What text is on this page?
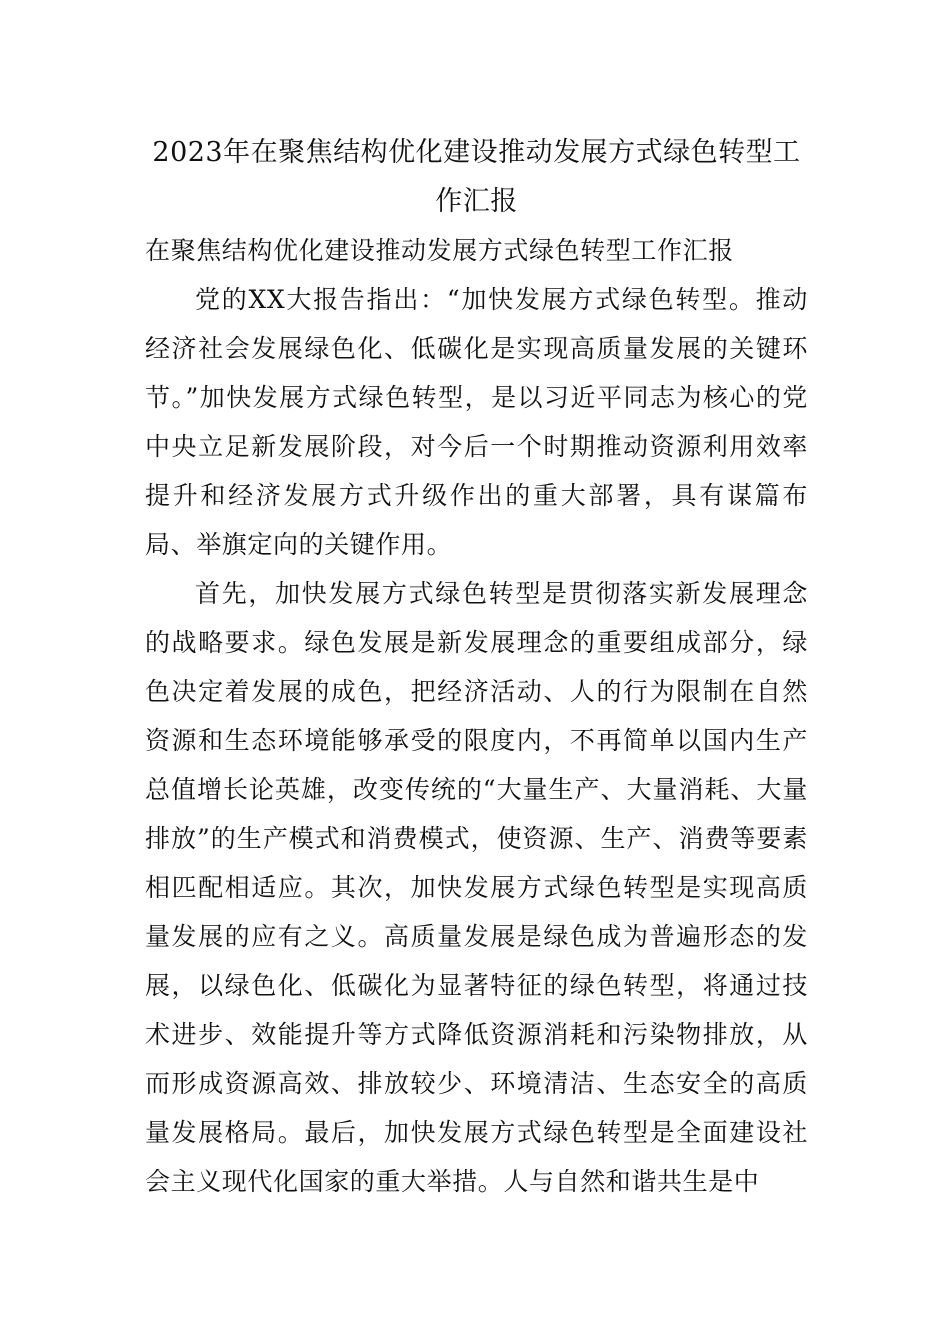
2023年在聚焦结构优化建设推动发展方式绿色转型工作汇报

在聚焦结构优化建设推动发展方式绿色转型工作汇报

党的XX大报告指出：“加快发展方式绿色转型。推动经济社会发展绿色化、低碳化是实现高质量发展的关键环节。”加快发展方式绿色转型，是以习近平同志为核心的党中央立足新发展阶段，对今后一个时期推动资源利用效率提升和经济发展方式升级作出的重大部署，具有谋篇布局、举旗定向的关键作用。

首先，加快发展方式绿色转型是贯彻落实新发展理念的战略要求。绿色发展是新发展理念的重要组成部分，绿色决定着发展的成色，把经济活动、人的行为限制在自然资源和生态环境能够承受的限度内，不再简单以国内生产总值增长论英雄，改变传统的“大量生产、大量消耗、大量排放”的生产模式和消费模式，使资源、生产、消费等要素相匹配相适应。其次，加快发展方式绿色转型是实现高质量发展的应有之义。高质量发展是绿色成为普遍形态的发展，以绿色化、低碳化为显著特征的绿色转型，将通过技术进步、效能提升等方式降低资源消耗和污染物排放，从而形成资源高效、排放较少、环境清洁、生态安全的高质量发展格局。最后，加快发展方式绿色转型是全面建设社会主义现代化国家的重大举措。人与自然和谐共生是中
